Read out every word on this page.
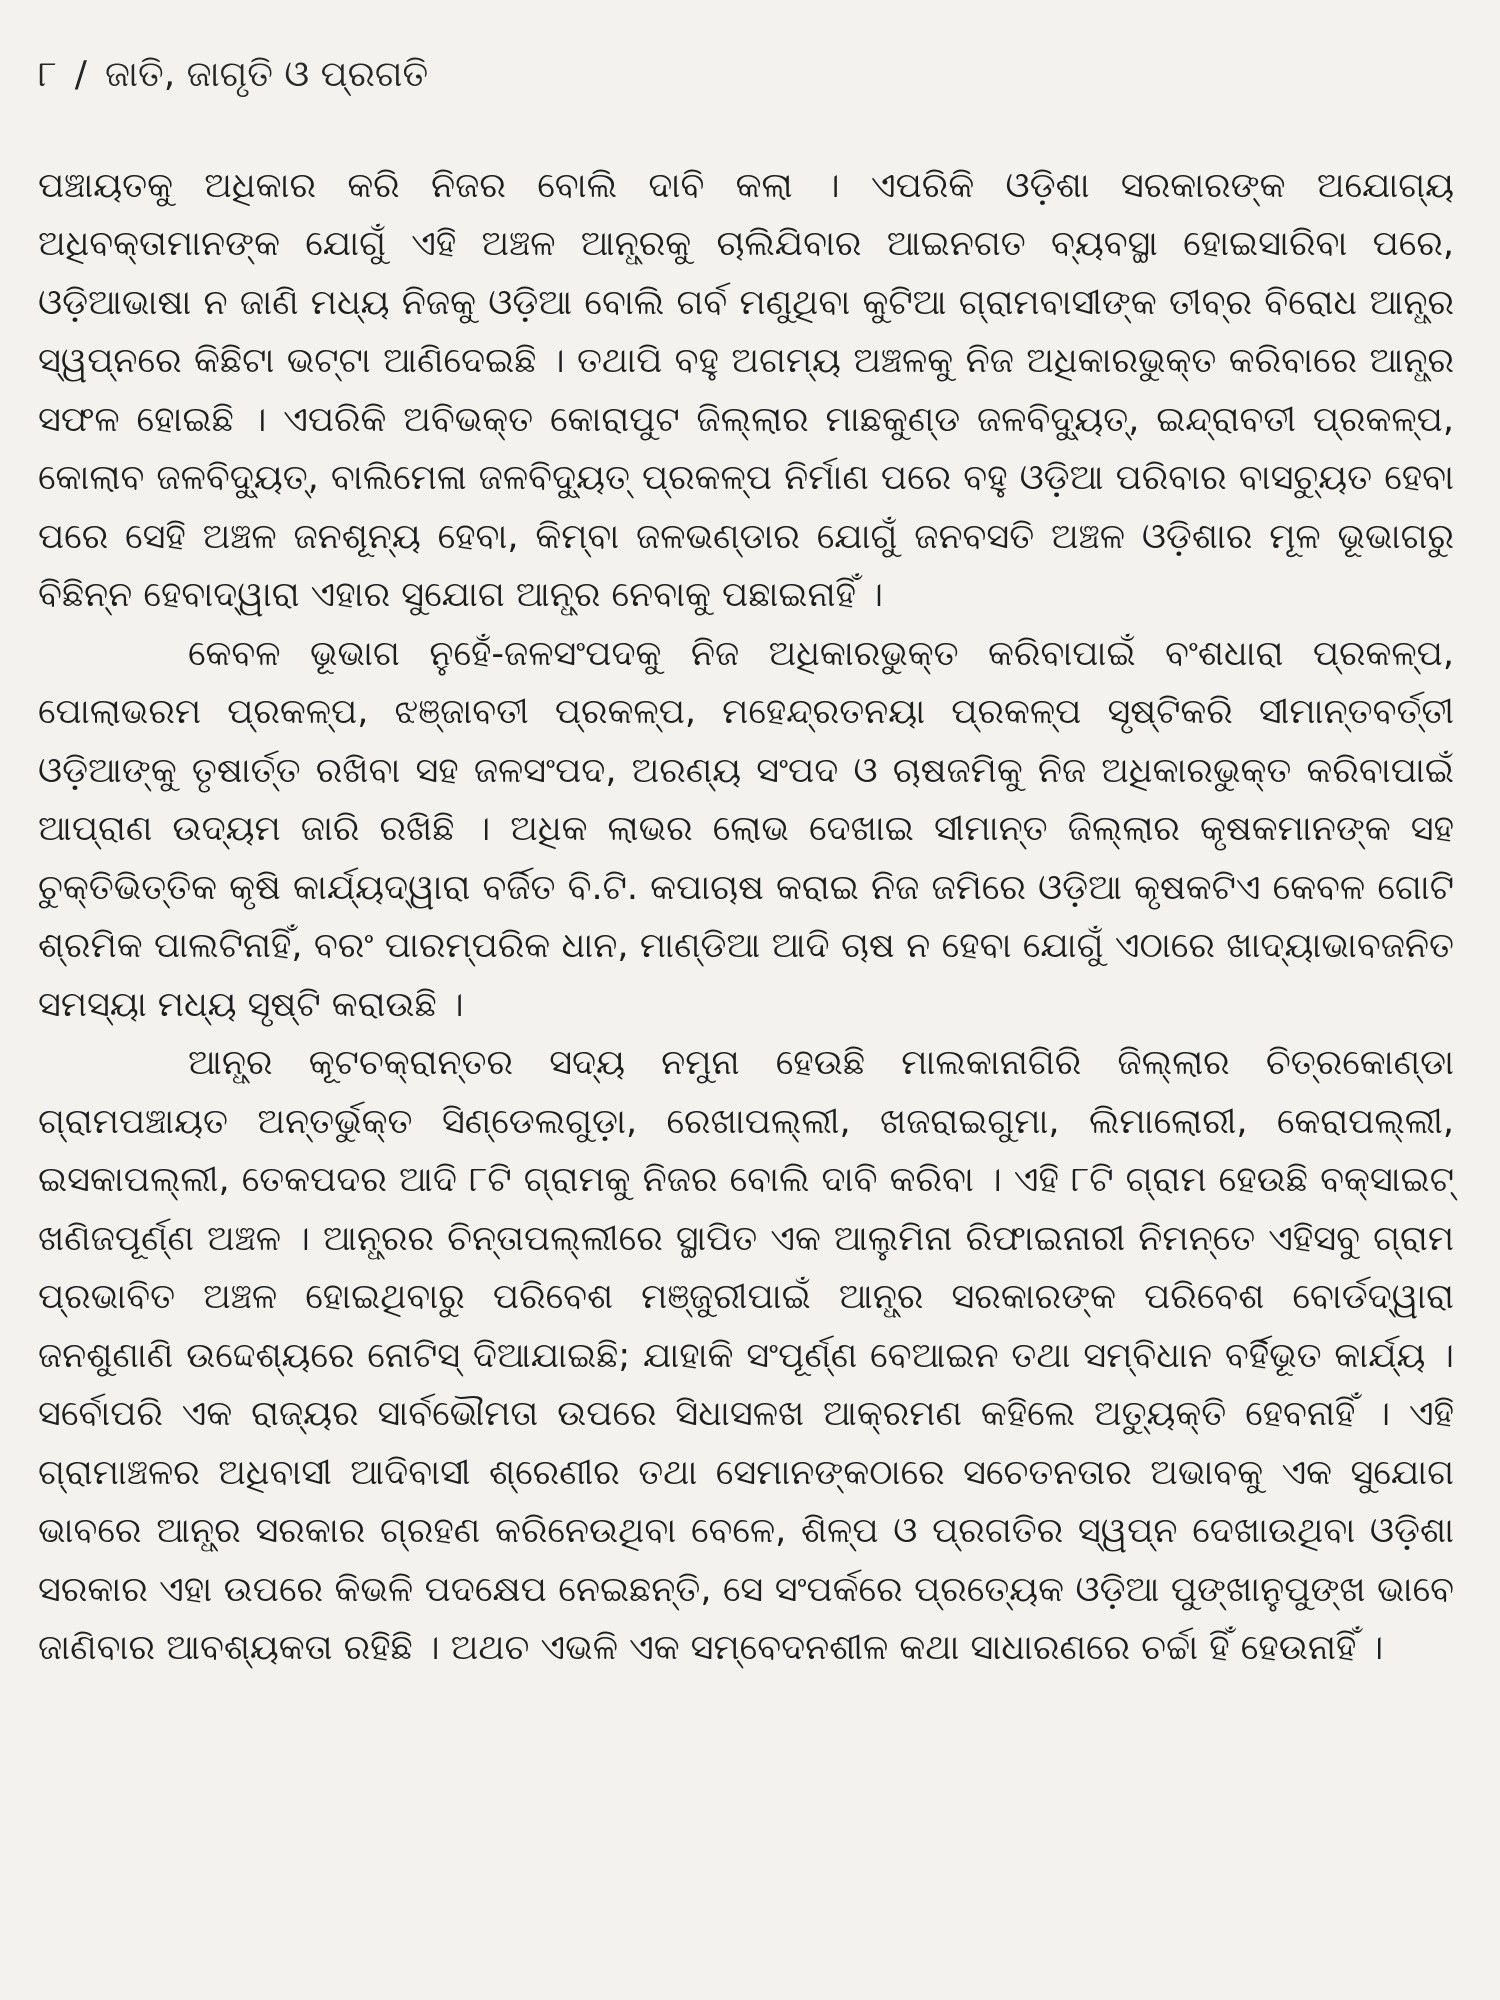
୮ / ଜାତି, ଜାଗୃତି ଓ ପ୍ରଗତି

ପଞ୍ଚାୟତକୁ ଅଧିକାର କରି ନିଜର ବୋଲି ଦାବି କଲା । ଏପରିକି ଓଡ଼ିଶା ସରକାରଙ୍କ ଅଯୋଗ୍ୟ ଅଧିବକ୍ତାମାନଙ୍କ ଯୋଗୁଁ ଏହି ଅଞ୍ଚଳ ଆନ୍ଧ୍ରକୁ ଚାଲିଯିବାର ଆଇନଗତ ବ୍ୟବସ୍ଥା ହୋଇସାରିବା ପରେ, ଓଡ଼ିଆଭାଷା ନ ଜାଣି ମଧ୍ୟ ନିଜକୁ ଓଡ଼ିଆ ବୋଲି ଗର୍ବ ମଣୁଥିବା କୁଟିଆ ଗ୍ରାମବାସୀଙ୍କ ତୀବ୍ର ବିରୋଧ ଆନ୍ଧ୍ର ସ୍ୱପ୍ନରେ କିଛିଟା ଭଟ୍ଟା ଆଣିଦେଇଛି । ତଥାପି ବହୁ ଅଗମ୍ୟ ଅଞ୍ଚଳକୁ ନିଜ ଅଧିକାରଭୁକ୍ତ କରିବାରେ ଆନ୍ଧ୍ର ସଫଳ ହୋଇଛି । ଏପରିକି ଅବିଭକ୍ତ କୋରାପୁଟ ଜିଲ୍ଲାର ମାଛକୁଣ୍ଡ ଜଳବିଦ୍ୟୁତ୍, ଇନ୍ଦ୍ରାବତୀ ପ୍ରକଳ୍ପ, କୋଲାବ ଜଳବିଦ୍ୟୁତ୍, ବାଲିମେଳା ଜଳବିଦ୍ୟୁତ୍ ପ୍ରକଳ୍ପ ନିର୍ମାଣ ପରେ ବହୁ ଓଡ଼ିଆ ପରିବାର ବାସଚ୍ୟୁତ ହେବା ପରେ ସେହି ଅଞ୍ଚଳ ଜନଶୂନ୍ୟ ହେବା, କିମ୍ବା ଜଳଭଣ୍ଡାର ଯୋଗୁଁ ଜନବସତି ଅଞ୍ଚଳ ଓଡ଼ିଶାର ମୂଳ ଭୂଭାଗରୁ ବିଛିନ୍ନ ହେବାଦ୍ୱାରା ଏହାର ସୁଯୋଗ ଆନ୍ଧ୍ର ନେବାକୁ ପଛାଇନାହିଁ ।

କେବଳ ଭୂଭାଗ ନୁହେଁ-ଜଳସଂପଦକୁ ନିଜ ଅଧିକାରଭୁକ୍ତ କରିବାପାଇଁ ବଂଶଧାରା ପ୍ରକଳ୍ପ, ପୋଲାଭରମ ପ୍ରକଳ୍ପ, ଝଞ୍ଜାବତୀ ପ୍ରକଳ୍ପ, ମହେନ୍ଦ୍ରତନୟା ପ୍ରକଳ୍ପ ସୃଷ୍ଟିକରି ସୀମାନ୍ତବର୍ତ୍ତୀ ଓଡ଼ିଆଙ୍କୁ ତୃଷାର୍ତ୍ତ ରଖିବା ସହ ଜଳସଂପଦ, ଅରଣ୍ୟ ସଂପଦ ଓ ଚାଷଜମିକୁ ନିଜ ଅଧିକାରଭୁକ୍ତ କରିବାପାଇଁ ଆପ୍ରାଣ ଉଦ୍ୟମ ଜାରି ରଖିଛି । ଅଧିକ ଲାଭର ଲୋଭ ଦେଖାଇ ସୀମାନ୍ତ ଜିଲ୍ଲାର କୃଷକମାନଙ୍କ ସହ ଚୁକ୍ତିଭିତ୍ତିକ କୃଷି କାର୍ଯ୍ୟଦ୍ୱାରା ବର୍ଜିତ ବି.ଟି. କପାଚାଷ କରାଇ ନିଜ ଜମିରେ ଓଡ଼ିଆ କୃଷକଟିଏ କେବଳ ଗୋଟି ଶ୍ରମିକ ପାଲଟିନାହିଁ, ବରଂ ପାରମ୍ପରିକ ଧାନ, ମାଣ୍ଡିଆ ଆଦି ଚାଷ ନ ହେବା ଯୋଗୁଁ ଏଠାରେ ଖାଦ୍ୟାଭାବଜନିତ ସମସ୍ୟା ମଧ୍ୟ ସୃଷ୍ଟି କରାଉଛି ।

ଆନ୍ଧ୍ର କୂଟଚକ୍ରାନ୍ତର ସଦ୍ୟ ନମୁନା ହେଉଛି ମାଲକାନାଗିରି ଜିଲ୍ଲାର ଚିତ୍ରକୋଣ୍ଡା ଗ୍ରାମପଞ୍ଚାୟତ ଅନ୍ତର୍ଭୁକ୍ତ ସିଣ୍ଡେଲଗୁଡ଼ା, ରେଖାପଲ୍ଲୀ, ଖଜରାଇଗୁମା, ଲିମାଲୋରୀ, କେରାପଲ୍ଲୀ, ଇସକାପଲ୍ଲୀ, ତେକପଦର ଆଦି ୮ଟି ଗ୍ରାମକୁ ନିଜର ବୋଲି ଦାବି କରିବା । ଏହି ୮ଟି ଗ୍ରାମ ହେଉଛି ବକ୍ସାଇଟ୍ ଖଣିଜପୂର୍ଣ୍ଣ ଅଞ୍ଚଳ । ଆନ୍ଧ୍ରର ଚିନ୍ତାପଲ୍ଲୀରେ ସ୍ଥାପିତ ଏକ ଆଲୁମିନା ରିଫାଇନାରୀ ନିମନ୍ତେ ଏହିସବୁ ଗ୍ରାମ ପ୍ରଭାବିତ ଅଞ୍ଚଳ ହୋଇଥିବାରୁ ପରିବେଶ ମଞ୍ଜୁରୀପାଇଁ ଆନ୍ଧ୍ର ସରକାରଙ୍କ ପରିବେଶ ବୋର୍ଡଦ୍ୱାରା ଜନଶୁଣାଣି ଉଦ୍ଦେଶ୍ୟରେ ନୋଟିସ୍ ଦିଆଯାଇଛି; ଯାହାକି ସଂପୂର୍ଣ୍ଣ ବେଆଇନ ତଥା ସମ୍ବିଧାନ ବର୍ହିଭୂତ କାର୍ଯ୍ୟ । ସର୍ବୋପରି ଏକ ରାଜ୍ୟର ସାର୍ବଭୌମତା ଉପରେ ସିଧାସଳଖ ଆକ୍ରମଣ କହିଲେ ଅତ୍ୟୁକ୍ତି ହେବନାହିଁ । ଏହି ଗ୍ରାମାଞ୍ଚଳର ଅଧିବାସୀ ଆଦିବାସୀ ଶ୍ରେଣୀର ତଥା ସେମାନଙ୍କଠାରେ ସଚେତନତାର ଅଭାବକୁ ଏକ ସୁଯୋଗ ଭାବରେ ଆନ୍ଧ୍ର ସରକାର ଗ୍ରହଣ କରିନେଉଥିବା ବେଳେ, ଶିଳ୍ପ ଓ ପ୍ରଗତିର ସ୍ୱପ୍ନ ଦେଖାଉଥିବା ଓଡ଼ିଶା ସରକାର ଏହା ଉପରେ କିଭଳି ପଦକ୍ଷେପ ନେଇଛନ୍ତି, ସେ ସଂପର୍କରେ ପ୍ରତ୍ୟେକ ଓଡ଼ିଆ ପୁଙ୍ଖାନୁପୁଙ୍ଖ ଭାବେ ଜାଣିବାର ଆବଶ୍ୟକତା ରହିଛି । ଅଥଚ ଏଭଳି ଏକ ସମ୍ବେଦନଶୀଳ କଥା ସାଧାରଣରେ ଚର୍ଚ୍ଚା ହିଁ ହେଉନାହିଁ ।
